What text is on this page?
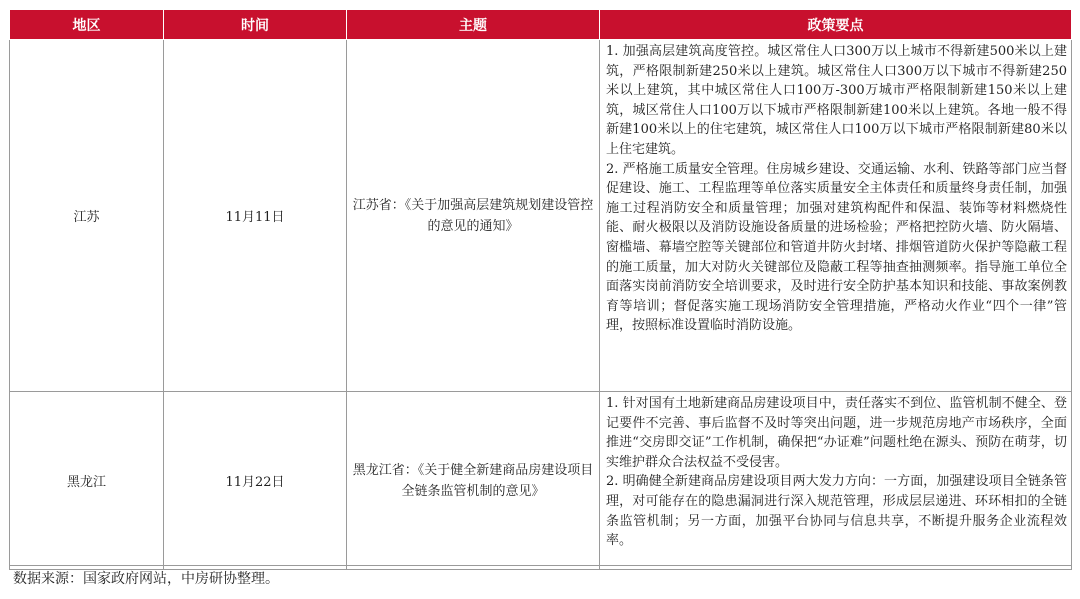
地区	时间	主题	政策要点
江苏	11月11日	江苏省：《关于加强高层建筑规划建设管控的意见的通知》	1. 加强高层建筑高度管控。城区常住人口300万以上城市不得新建500米以上建筑，严格限制新建250米以上建筑。城区常住人口300万以下城市不得新建250米以上建筑，其中城区常住人口100万-300万城市严格限制新建150米以上建筑，城区常住人口100万以下城市严格限制新建100米以上建筑。各地一般不得新建100米以上的住宅建筑，城区常住人口100万以下城市严格限制新建80米以上住宅建筑。
2. 严格施工质量安全管理。住房城乡建设、交通运输、水利、铁路等部门应当督促建设、施工、工程监理等单位落实质量安全主体责任和质量终身责任制，加强施工过程消防安全和质量管理；加强对建筑构配件和保温、装饰等材料燃烧性能、耐火极限以及消防设施设备质量的进场检验；严格把控防火墙、防火隔墙、窗槛墙、幕墙空腔等关键部位和管道井防火封堵、排烟管道防火保护等隐蔽工程的施工质量，加大对防火关键部位及隐蔽工程等抽查抽测频率。指导施工单位全面落实岗前消防安全培训要求，及时进行安全防护基本知识和技能、事故案例教育等培训；督促落实施工现场消防安全管理措施，严格动火作业“四个一律”管理，按照标准设置临时消防设施。

黑龙江	11月22日	黑龙江省：《关于健全新建商品房建设项目全链条监管机制的意见》	1. 针对国有土地新建商品房建设项目中，责任落实不到位、监管机制不健全、登记要件不完善、事后监督不及时等突出问题，进一步规范房地产市场秩序，全面推进“交房即交证”工作机制，确保把“办证难”问题杜绝在源头、预防在萌芽，切实维护群众合法权益不受侵害。
2. 明确健全新建商品房建设项目两大发力方向：一方面，加强建设项目全链条管理，对可能存在的隐患漏洞进行深入规范管理，形成层层递进、环环相扣的全链条监管机制；另一方面，加强平台协同与信息共享，不断提升服务企业流程效率。
数据来源：国家政府网站，中房研协整理。
